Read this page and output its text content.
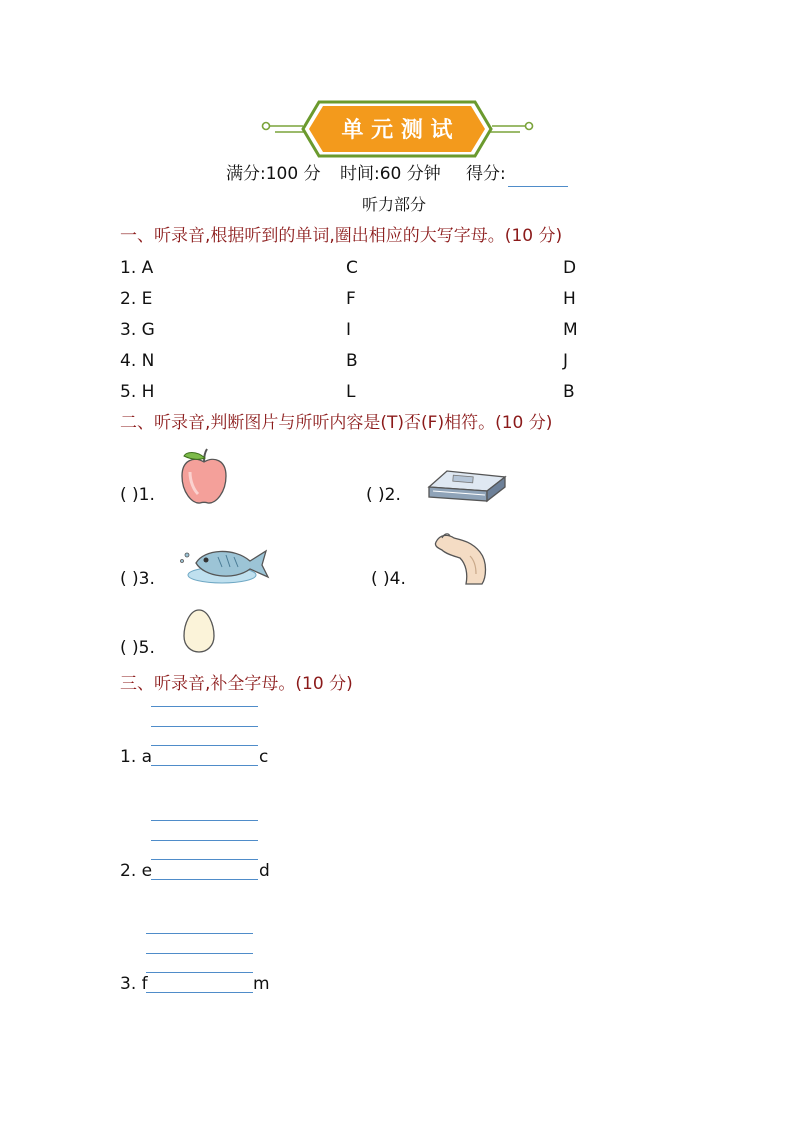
单 元 测 试
满分:100 分 时间:60 分钟 得分:
听力部分
一、听录音,根据听到的单词,圈出相应的大写字母。(10 分)
1. A	C	D
2. E	F	H
3. G	I	M
4. N	B	J
5. H	L	B
二、听录音,判断图片与所听内容是(T)否(F)相符。(10 分)
( )1.	( )2.
( )3.	( )4.
( )5.
三、听录音,补全字母。(10 分)
1. a	c
2. e	d
3. f	m
